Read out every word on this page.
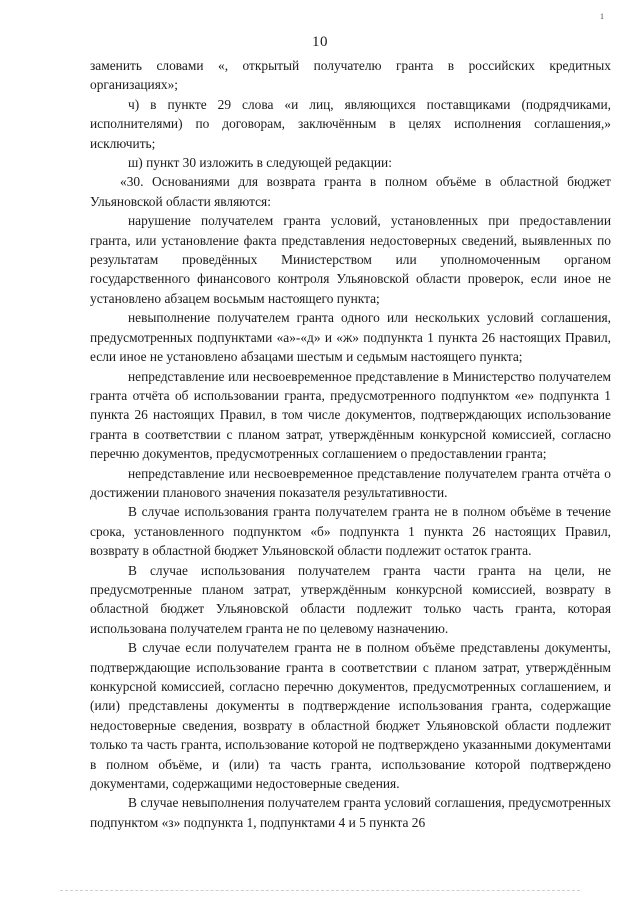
1
10

заменить словами «, открытый получателю гранта в российских кредитных организациях»;

ч) в пункте 29 слова «и лиц, являющихся поставщиками (подрядчиками, исполнителями) по договорам, заключённым в целях исполнения соглашения,» исключить;

ш) пункт 30 изложить в следующей редакции:

«30. Основаниями для возврата гранта в полном объёме в областной бюджет Ульяновской области являются:

нарушение получателем гранта условий, установленных при предоставлении гранта, или установление факта представления недостоверных сведений, выявленных по результатам проведённых Министерством или уполномоченным органом государственного финансового контроля Ульяновской области проверок, если иное не установлено абзацем восьмым настоящего пункта;

невыполнение получателем гранта одного или нескольких условий соглашения, предусмотренных подпунктами «а»-«д» и «ж» подпункта 1 пункта 26 настоящих Правил, если иное не установлено абзацами шестым и седьмым настоящего пункта;

непредставление или несвоевременное представление в Министерство получателем гранта отчёта об использовании гранта, предусмотренного подпунктом «е» подпункта 1 пункта 26 настоящих Правил, в том числе документов, подтверждающих использование гранта в соответствии с планом затрат, утверждённым конкурсной комиссией, согласно перечню документов, предусмотренных соглашением о предоставлении гранта;

непредставление или несвоевременное представление получателем гранта отчёта о достижении планового значения показателя результативности.

В случае использования гранта получателем гранта не в полном объёме в течение срока, установленного подпунктом «б» подпункта 1 пункта 26 настоящих Правил, возврату в областной бюджет Ульяновской области подлежит остаток гранта.

В случае использования получателем гранта части гранта на цели, не предусмотренные планом затрат, утверждённым конкурсной комиссией, возврату в областной бюджет Ульяновской области подлежит только часть гранта, которая использована получателем гранта не по целевому назначению.

В случае если получателем гранта не в полном объёме представлены документы, подтверждающие использование гранта в соответствии с планом затрат, утверждённым конкурсной комиссией, согласно перечню документов, предусмотренных соглашением, и (или) представлены документы в подтверждение использования гранта, содержащие недостоверные сведения, возврату в областной бюджет Ульяновской области подлежит только та часть гранта, использование которой не подтверждено указанными документами в полном объёме, и (или) та часть гранта, использование которой подтверждено документами, содержащими недостоверные сведения.

В случае невыполнения получателем гранта условий соглашения, предусмотренных подпунктом «з» подпункта 1, подпунктами 4 и 5 пункта 26
